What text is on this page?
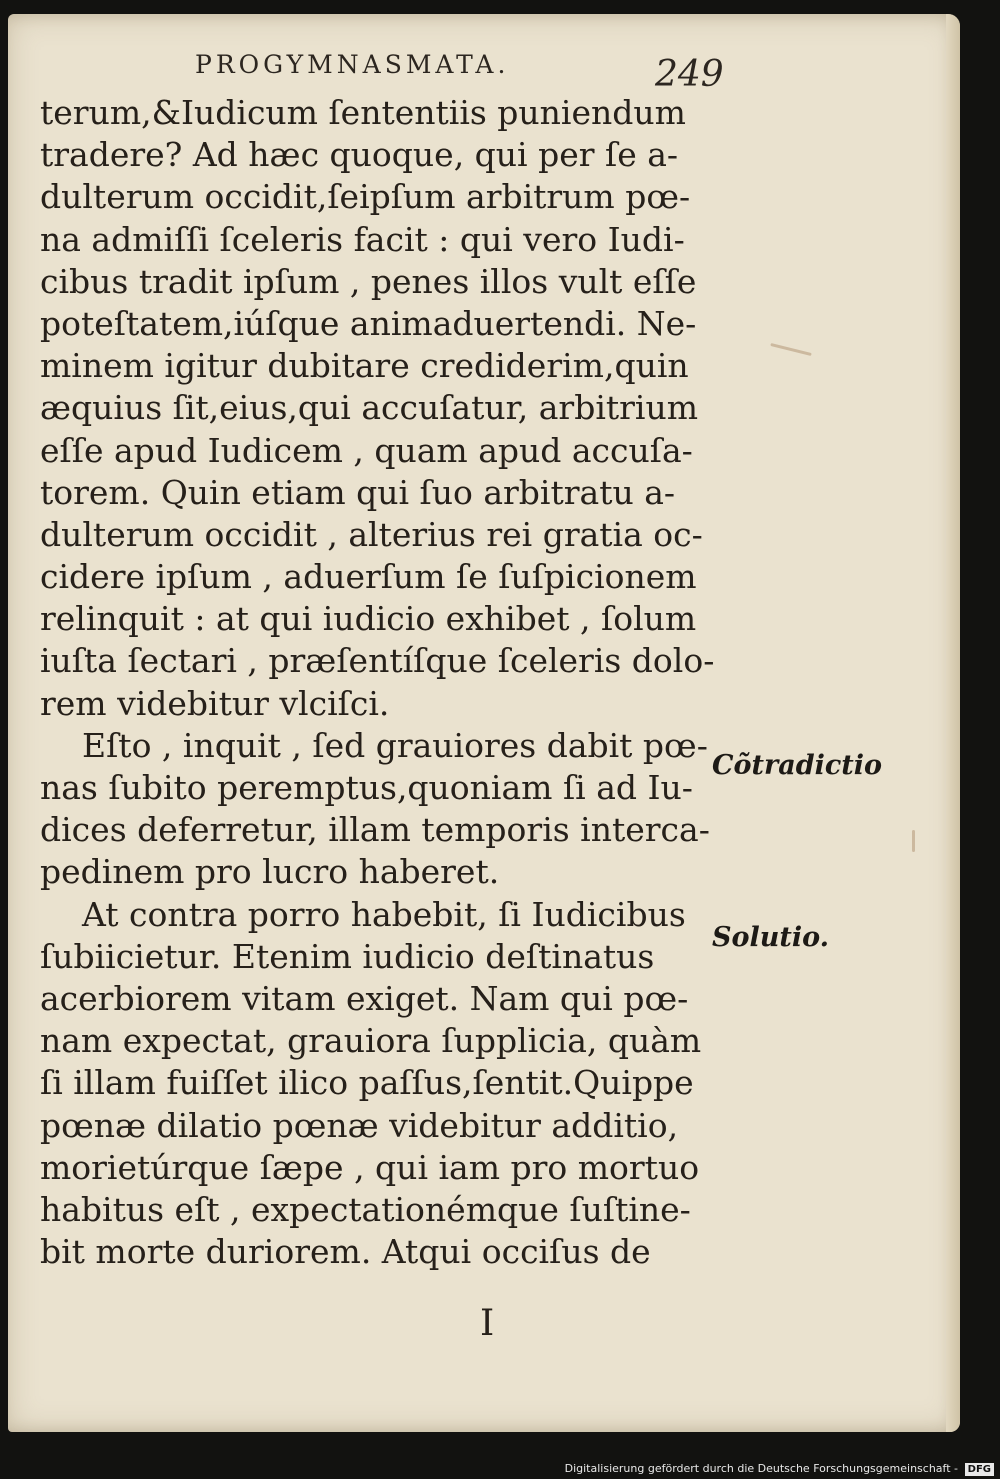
PROGYMNASMATA.	249
terum,&Iudicum ſententiis puniendum
tradere? Ad hæc quoque, qui per ſe a-
dulterum occidit,ſeipſum arbitrum pœ-
na admiſſi ſceleris facit : qui vero Iudi-
cibus tradit ipſum , penes illos vult eſſe
poteſtatem,iúſque animaduertendi. Ne-
minem igitur dubitare crediderim,quin
æquius ſit,eius,qui accuſatur, arbitrium
eſſe apud Iudicem , quam apud accuſa-
torem. Quin etiam qui ſuo arbitratu a-
dulterum occidit , alterius rei gratia oc-
cidere ipſum , aduerſum ſe ſuſpicionem
relinquit : at qui iudicio exhibet , ſolum
iuſta ſectari , præſentíſque ſceleris dolo-
rem videbitur vlciſci.
Eſto , inquit , ſed grauiores dabit pœ-
nas ſubito peremptus,quoniam ſi ad Iu-
dices deferretur, illam temporis interca-
pedinem pro lucro haberet.
At contra porro habebit, ſi Iudicibus
ſubiicietur. Etenim iudicio deſtinatus
acerbiorem vitam exiget. Nam qui pœ-
nam expectat, grauiora ſupplicia, quàm
ſi illam fuiſſet ilico paſſus,ſentit.Quippe
pœnæ dilatio pœnæ videbitur additio,
morietúrque ſæpe , qui iam pro mortuo
habitus eſt , expectationémque ſuſtine-
bit morte duriorem. Atqui occiſus de
Cõtradictio
Solutio.
I
Digitalisierung gefördert durch die Deutsche Forschungsgemeinschaft - DFG
